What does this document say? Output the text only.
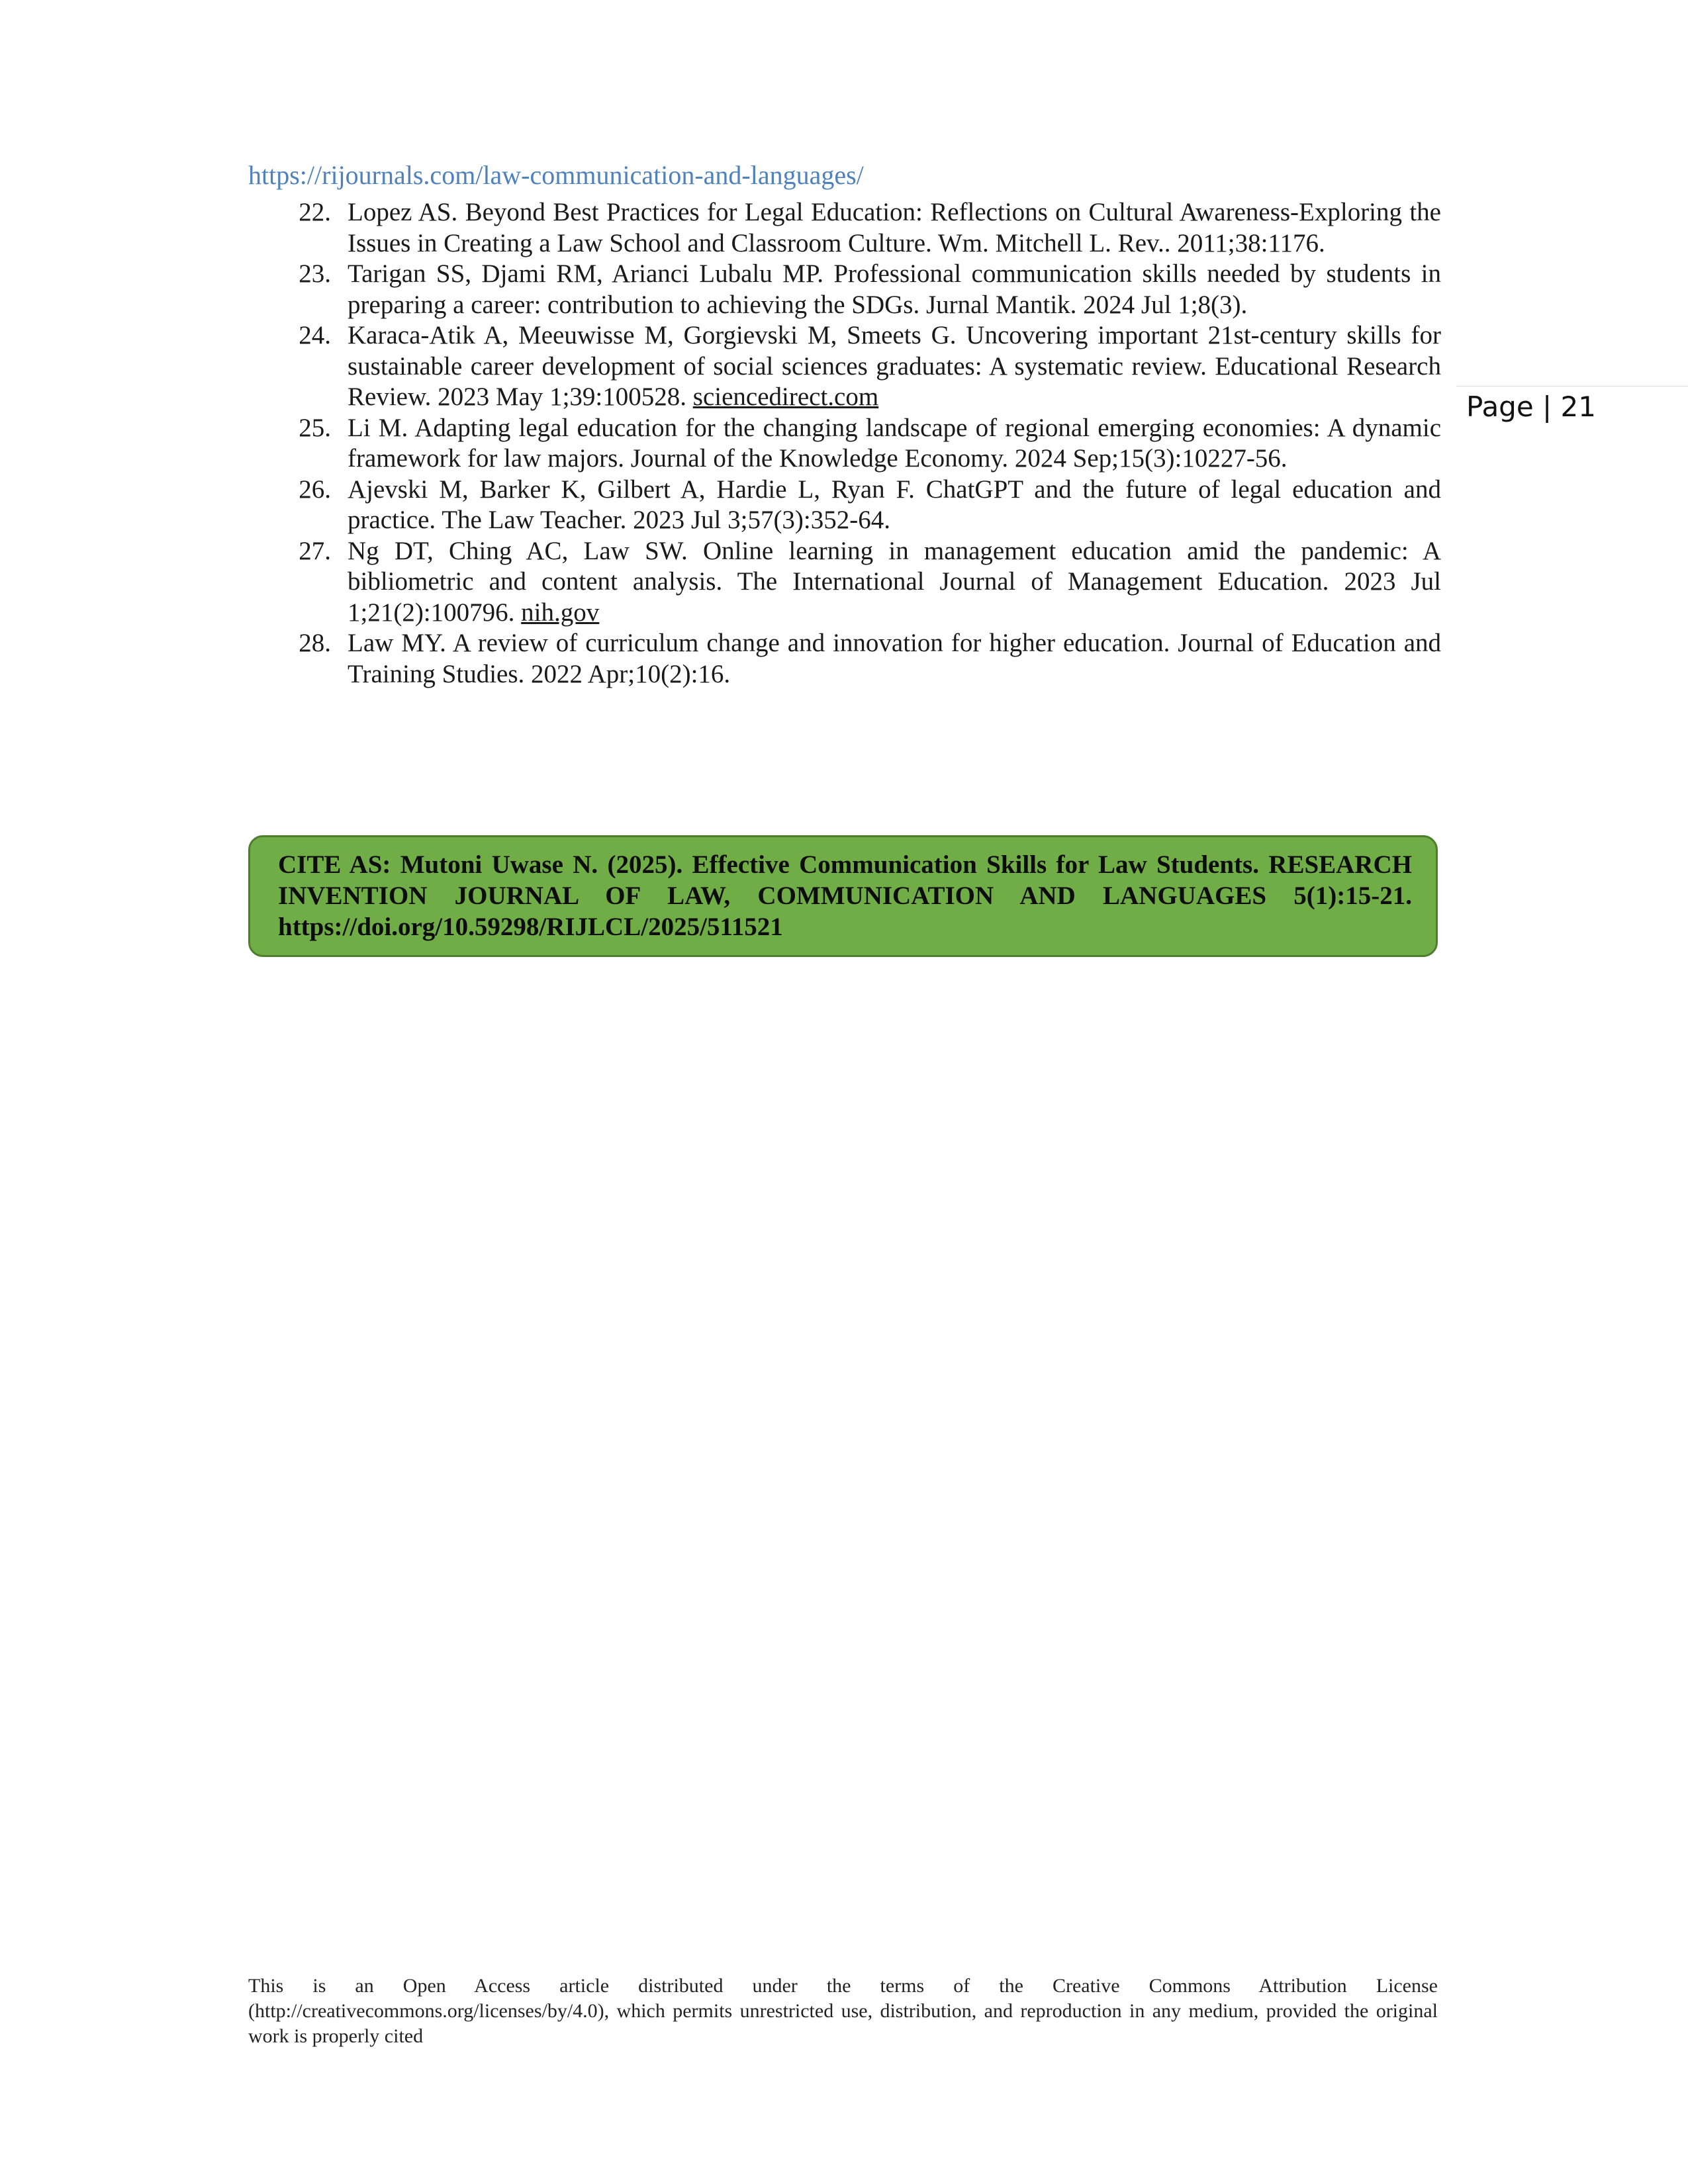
https://rijournals.com/law-communication-and-languages/
Page | 21
22. Lopez AS. Beyond Best Practices for Legal Education: Reflections on Cultural Awareness-Exploring the Issues in Creating a Law School and Classroom Culture. Wm. Mitchell L. Rev.. 2011;38:1176.
23. Tarigan SS, Djami RM, Arianci Lubalu MP. Professional communication skills needed by students in preparing a career: contribution to achieving the SDGs. Jurnal Mantik. 2024 Jul 1;8(3).
24. Karaca-Atik A, Meeuwisse M, Gorgievski M, Smeets G. Uncovering important 21st-century skills for sustainable career development of social sciences graduates: A systematic review. Educational Research Review. 2023 May 1;39:100528. sciencedirect.com
25. Li M. Adapting legal education for the changing landscape of regional emerging economies: A dynamic framework for law majors. Journal of the Knowledge Economy. 2024 Sep;15(3):10227-56.
26. Ajevski M, Barker K, Gilbert A, Hardie L, Ryan F. ChatGPT and the future of legal education and practice. The Law Teacher. 2023 Jul 3;57(3):352-64.
27. Ng DT, Ching AC, Law SW. Online learning in management education amid the pandemic: A bibliometric and content analysis. The International Journal of Management Education. 2023 Jul 1;21(2):100796. nih.gov
28. Law MY. A review of curriculum change and innovation for higher education. Journal of Education and Training Studies. 2022 Apr;10(2):16.
CITE AS: Mutoni Uwase N. (2025). Effective Communication Skills for Law Students. RESEARCH INVENTION JOURNAL OF LAW, COMMUNICATION AND LANGUAGES 5(1):15-21. https://doi.org/10.59298/RIJLCL/2025/511521
This is an Open Access article distributed under the terms of the Creative Commons Attribution License (http://creativecommons.org/licenses/by/4.0), which permits unrestricted use, distribution, and reproduction in any medium, provided the original work is properly cited
